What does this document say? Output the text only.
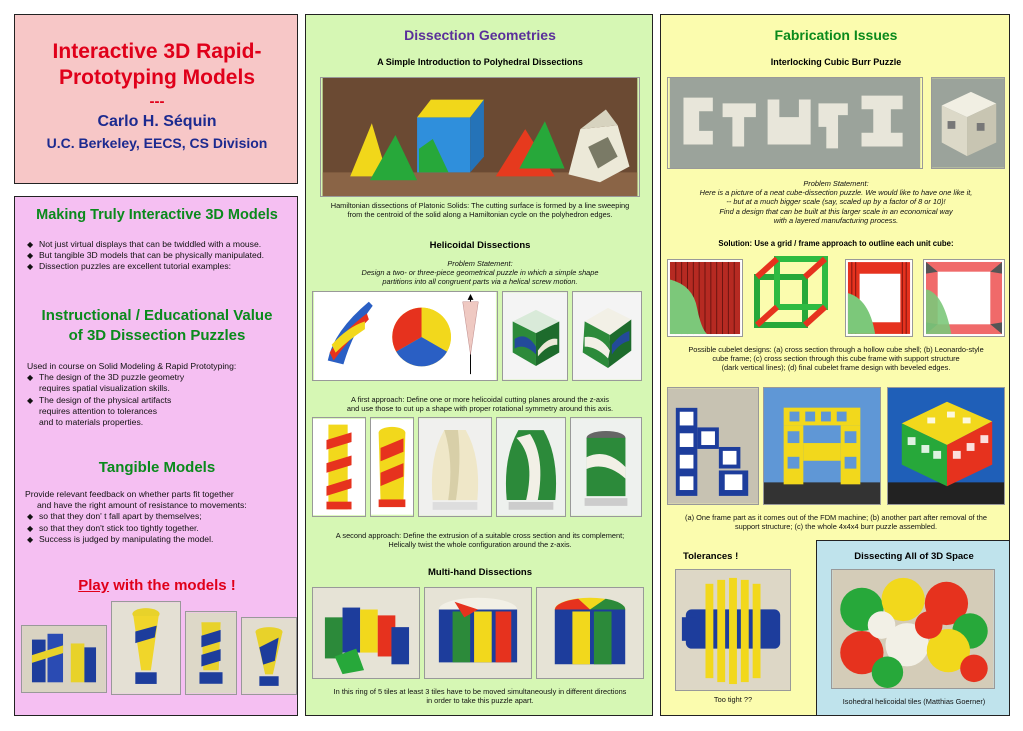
Interactive 3D Rapid-
Prototyping Models
---
Carlo H. Séquin
U.C. Berkeley, EECS, CS Division
Making Truly Interactive 3D Models
◆ Not just virtual displays that can be twiddled with a mouse.
◆ But tangible 3D models that can be physically manipulated.
◆ Dissection puzzles are excellent tutorial examples:
Instructional / Educational Value
of 3D Dissection Puzzles
Used in course on Solid Modeling & Rapid Prototyping:
◆ The design of the 3D puzzle geometry
requires spatial visualization skills.
◆ The design of the physical artifacts
requires attention to tolerances
and to materials properties.
Tangible Models
Provide relevant feedback on whether parts fit together
and have the right amount of resistance to movements:
◆ so that they don' t fall apart by themselves;
◆ so that they don't stick too tightly together.
◆ Success is judged by manipulating the model.
Play with the models !
Dissection Geometries
A Simple Introduction to Polyhedral Dissections
Hamiltonian dissections of Platonic Solids: The cutting surface is formed by a line sweeping
from the centroid of the solid along a Hamiltonian cycle on the polyhedron edges.
Helicoidal Dissections
Problem Statement:
Design a two- or three-piece geometrical puzzle in which a simple shape
partitions into all congruent parts via a helical screw motion.
A first approach: Define one or more helicoidal cutting planes around the z-axis
and use those to cut up a shape with proper rotational symmetry around this axis.
A second approach: Define the extrusion of a suitable cross section and its complement;
Helically twist the whole configuration around the z-axis.
Multi-hand Dissections
In this ring of 5 tiles at least 3 tiles have to be moved simultaneously in different directions
in order to take this puzzle apart.
Fabrication Issues
Interlocking Cubic Burr Puzzle
Problem Statement:
Here is a picture of a neat cube-dissection puzzle. We would like to have one like it,
-- but at a much bigger scale (say, scaled up by a factor of 8 or 10)!
Find a design that can be built at this larger scale in an economical way
with a layered manufacturing process.
Solution: Use a grid / frame approach to outline each unit cube:
Possible cubelet designs: (a) cross section through a hollow cube shell; (b) Leonardo-style
cube frame; (c) cross section through this cube frame with support structure
(dark vertical lines); (d) final cubelet frame design with beveled edges.
(a) One frame part as it comes out of the FDM machine; (b) another part after removal of the
support structure; (c) the whole 4x4x4 burr puzzle assembled.
Tolerances !
Too tight ??
Dissecting All of 3D Space
Isohedral helicoidal tiles (Matthias Goerner)
